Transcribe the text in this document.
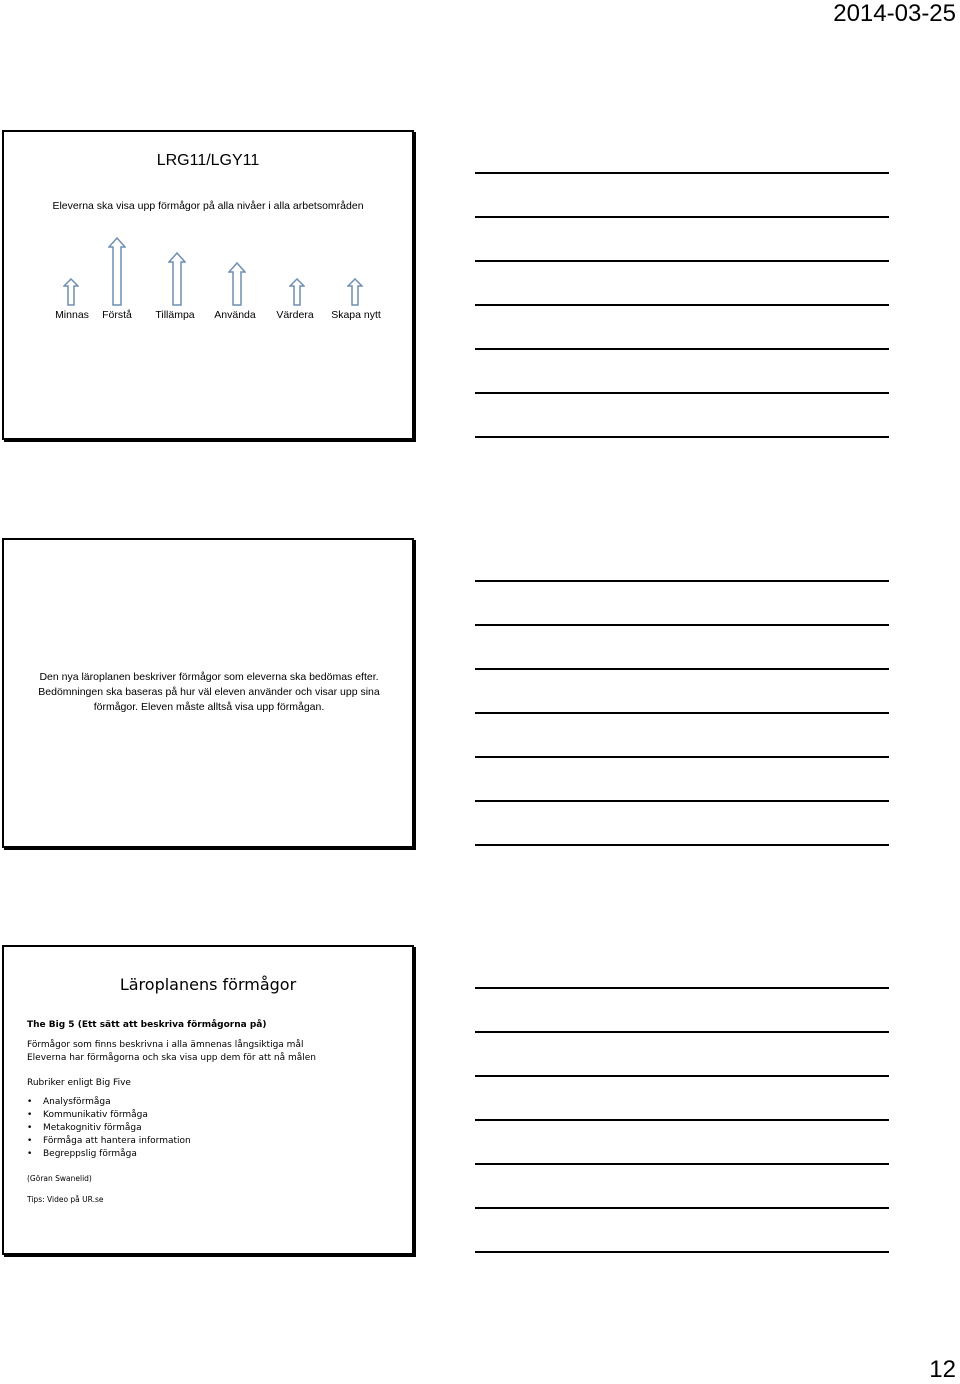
2014-03-25
LRG11/LGY11
Eleverna ska visa upp förmågor på alla nivåer i alla arbetsområden
Minnas	Förstå	Tillämpa	Använda	Värdera	Skapa nytt
Den nya läroplanen beskriver förmågor som eleverna ska bedömas efter.
Bedömningen ska baseras på hur väl eleven använder och visar upp sina
förmågor. Eleven måste alltså visa upp förmågan.
Läroplanens förmågor

The Big 5 (Ett sätt att beskriva förmågorna på)

Förmågor som finns beskrivna i alla ämnenas långsiktiga mål

Eleverna har förmågorna och ska visa upp dem för att nå målen

Rubriker enligt Big Five

• Analysförmåga
• Kommunikativ förmåga
• Metakognitiv förmåga
• Förmåga att hantera information
• Begreppslig förmåga

(Göran Swanelid)

Tips: Video på UR.se

12
